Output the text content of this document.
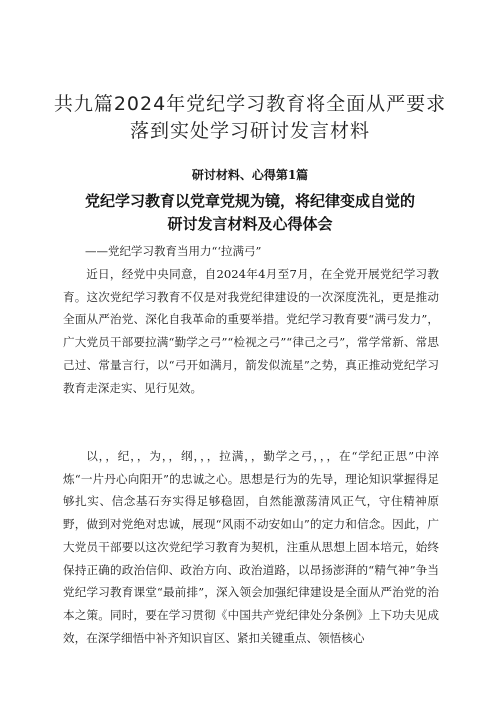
共九篇2024年党纪学习教育将全面从严要求
落到实处学习研讨发言材料
研讨材料、心得第1篇
党纪学习教育以党章党规为镜，将纪律变成自觉的
研讨发言材料及心得体会
——党纪学习教育当用力“‘拉满弓”

近日，经党中央同意，自2024年4月至7月，在全党开展党纪学习教育。这次党纪学习教育不仅是对我党纪律建设的一次深度洗礼，更是推动全面从严治党、深化自我革命的重要举措。党纪学习教育要“满弓发力”，广大党员干部要拉满“勤学之弓”“检视之弓”“律己之弓”，常学常新、常思己过、常量言行，以“弓开如满月，箭发似流星”之势，真正推动党纪学习教育走深走实、见行见效。

以，，纪，，为，，纲，，，拉满，，勤学之弓，，，在“学纪正思”中淬炼“一片丹心向阳开”的忠诚之心。思想是行为的先导，理论知识掌握得足够扎实、信念基石夯实得足够稳固，自然能激荡清风正气，守住精神原野，做到对党绝对忠诚，展现“风雨不动安如山”的定力和信念。因此，广大党员干部要以这次党纪学习教育为契机，注重从思想上固本培元，始终保持正确的政治信仰、政治方向、政治道路，以昂扬澎湃的“精气神”争当党纪学习教育课堂“最前排”，深入领会加强纪律建设是全面从严治党的治本之策。同时，要在学习贯彻《中国共产党纪律处分条例》上下功夫见成效，在深学细悟中补齐知识盲区、紧扣关键重点、领悟核心
